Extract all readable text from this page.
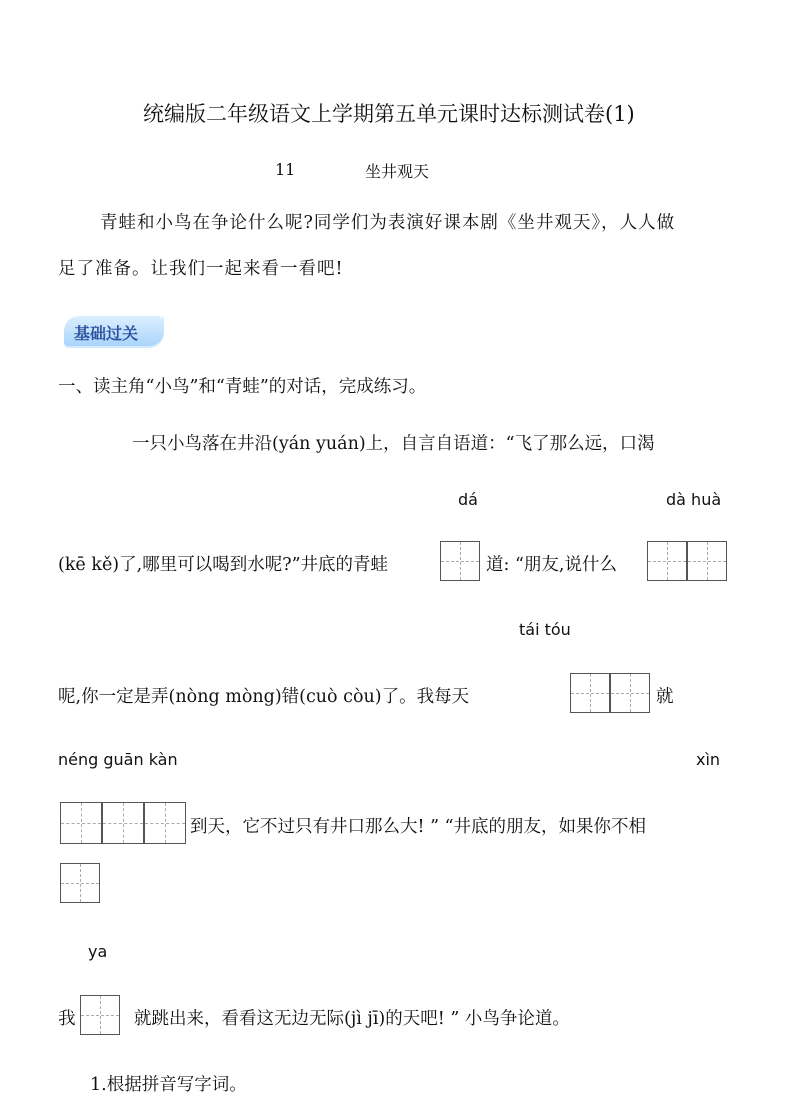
统编版二年级语文上学期第五单元课时达标测试卷(1)
11	坐井观天
青蛙和小鸟在争论什么呢?同学们为表演好课本剧《坐井观天》，人人做
足了准备。让我们一起来看一看吧!
基础过关
✦
一、读主角“小鸟”和“青蛙”的对话，完成练习。
一只小鸟落在井沿(yán yuán)上，自言自语道：“飞了那么远，口渴
dá	dà huà
(kē kě)了,哪里可以喝到水呢?”井底的青蛙	道: “朋友,说什么
tái tóu
呢,你一定是弄(nòng mòng)错(cuò còu)了。我每天	就
néng guān kàn	xìn
到天，它不过只有井口那么大! ” “井底的朋友，如果你不相
ya
我	就跳出来，看看这无边无际(jì jī)的天吧! ” 小鸟争论道。
1.根据拼音写字词。
